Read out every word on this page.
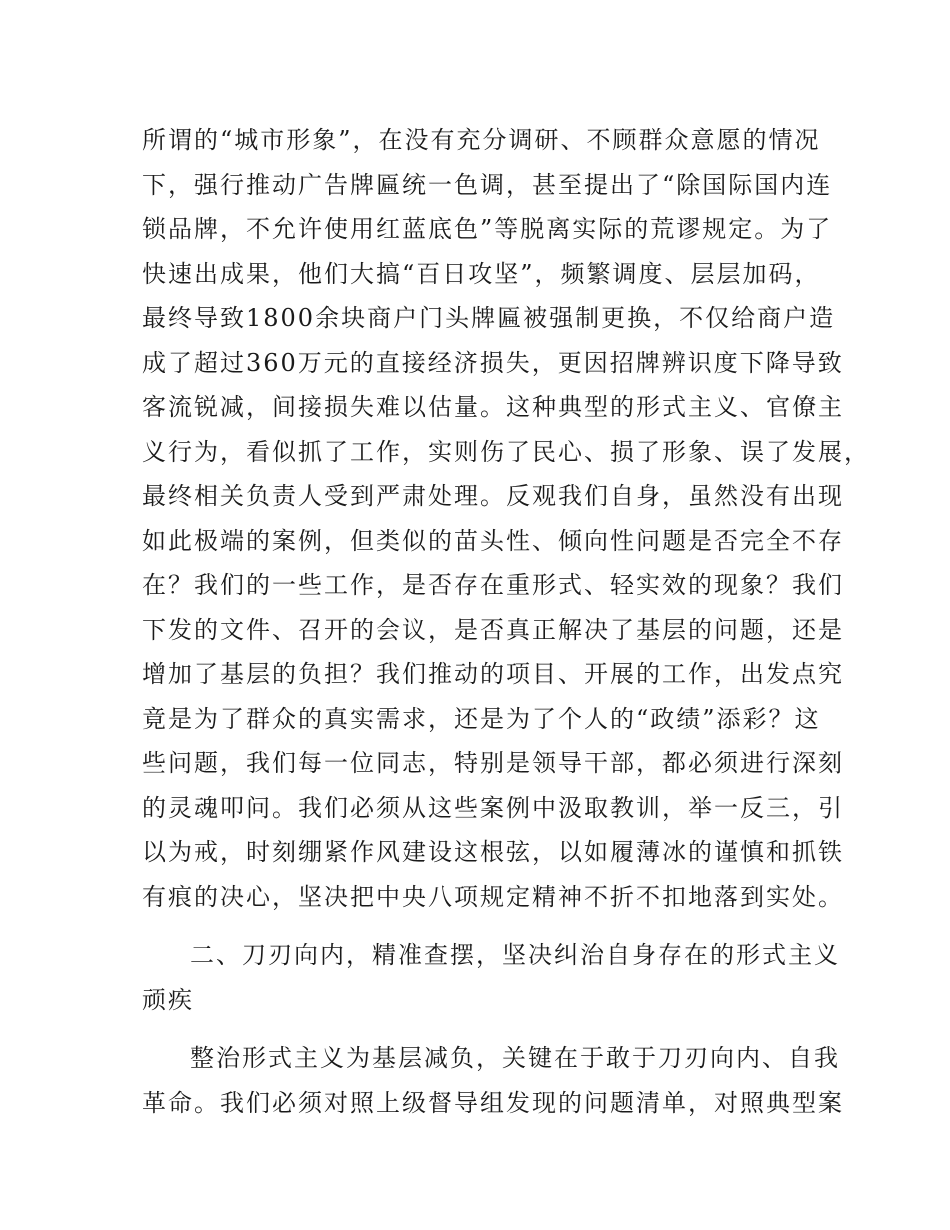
所谓的“城市形象”，在没有充分调研、不顾群众意愿的情况
下，强行推动广告牌匾统一色调，甚至提出了“除国际国内连
锁品牌，不允许使用红蓝底色”等脱离实际的荒谬规定。为了
快速出成果，他们大搞“百日攻坚”，频繁调度、层层加码，
最终导致1800余块商户门头牌匾被强制更换，不仅给商户造
成了超过360万元的直接经济损失，更因招牌辨识度下降导致
客流锐减，间接损失难以估量。这种典型的形式主义、官僚主
义行为，看似抓了工作，实则伤了民心、损了形象、误了发展，
最终相关负责人受到严肃处理。反观我们自身，虽然没有出现
如此极端的案例，但类似的苗头性、倾向性问题是否完全不存
在？我们的一些工作，是否存在重形式、轻实效的现象？我们
下发的文件、召开的会议，是否真正解决了基层的问题，还是
增加了基层的负担？我们推动的项目、开展的工作，出发点究
竟是为了群众的真实需求，还是为了个人的“政绩”添彩？这
些问题，我们每一位同志，特别是领导干部，都必须进行深刻
的灵魂叩问。我们必须从这些案例中汲取教训，举一反三，引
以为戒，时刻绷紧作风建设这根弦，以如履薄冰的谨慎和抓铁
有痕的决心，坚决把中央八项规定精神不折不扣地落到实处。
二、刀刃向内，精准查摆，坚决纠治自身存在的形式主义
顽疾
整治形式主义为基层减负，关键在于敢于刀刃向内、自我
革命。我们必须对照上级督导组发现的问题清单，对照典型案
